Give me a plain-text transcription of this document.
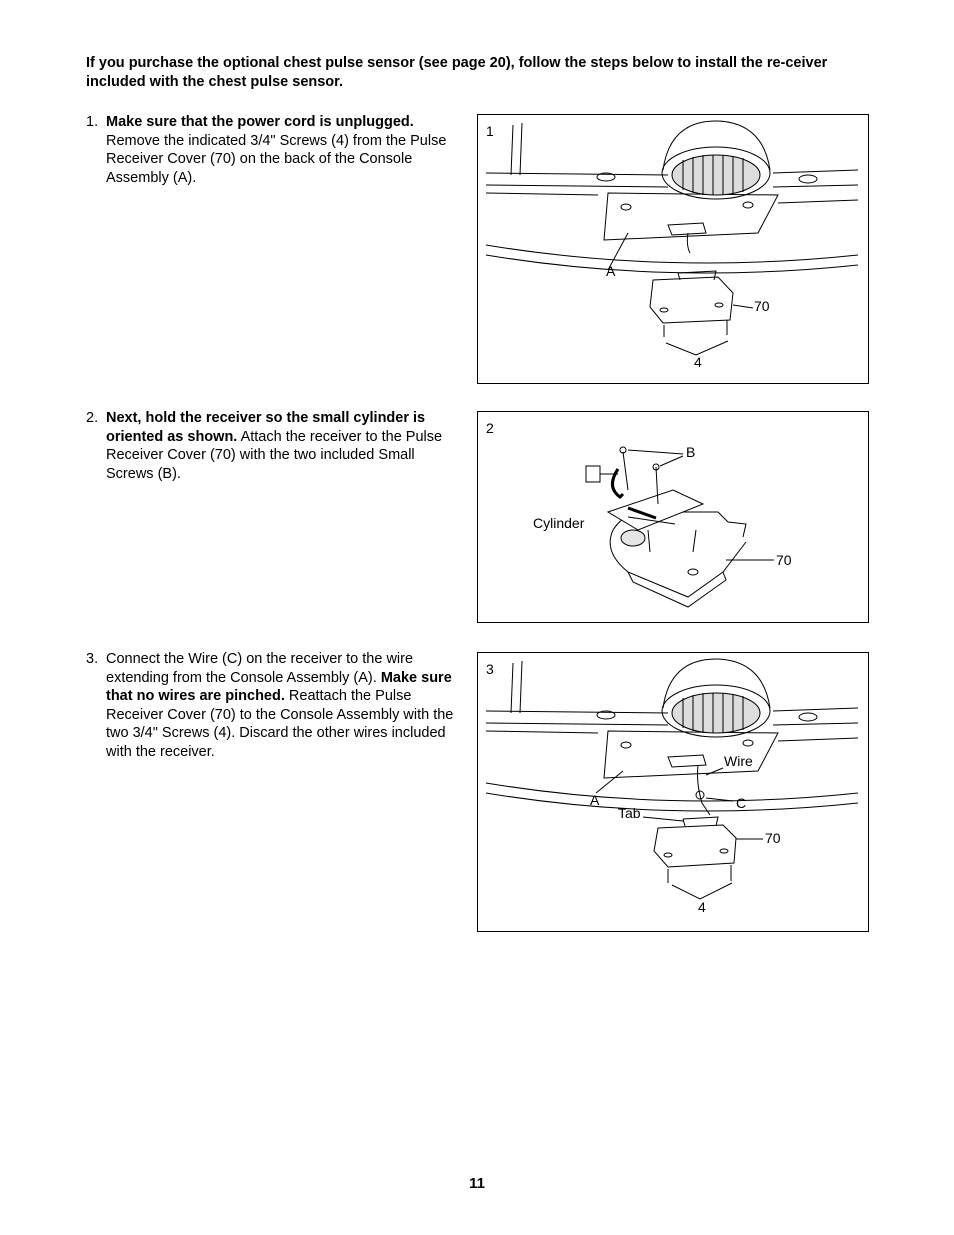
If you purchase the optional chest pulse sensor (see page 20), follow the steps below to install the re-ceiver included with the chest pulse sensor.
1. Make sure that the power cord is unplugged.
Remove the indicated 3/4" Screws (4) from the Pulse Receiver Cover (70) on the back of the Console Assembly (A).
1
A
70
4
2. Next, hold the receiver so the small cylinder is oriented as shown. Attach the receiver to the Pulse Receiver Cover (70) with the two included Small Screws (B).
2
B
Cylinder
70
3. Connect the Wire (C) on the receiver to the wire extending from the Console Assembly (A). Make sure that no wires are pinched. Reattach the Pulse Receiver Cover (70) to the Console Assembly with the two 3/4" Screws (4). Discard the other wires included with the receiver.
3
A
Wire
C
Tab
70
4
11
